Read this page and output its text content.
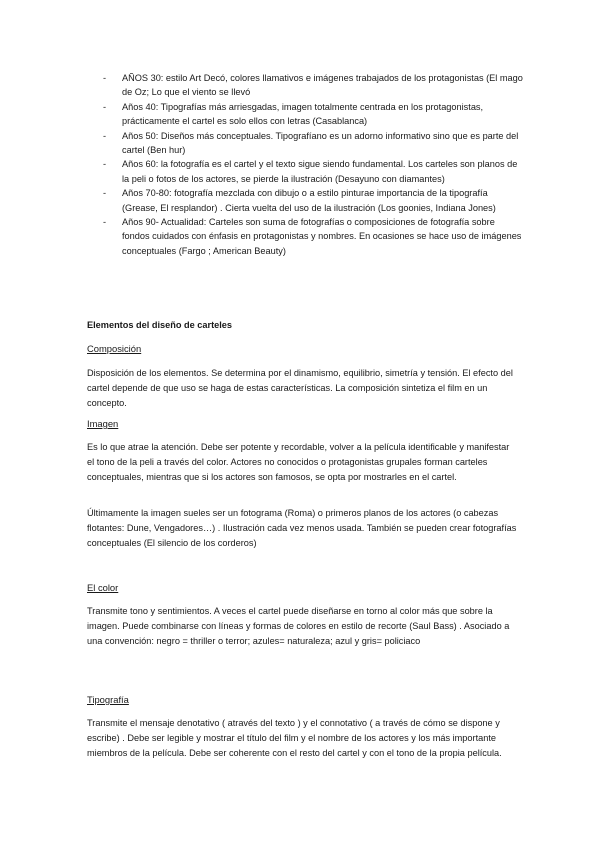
- AÑOS 30: estilo Art Decó, colores llamativos e imágenes trabajados de los protagonistas (El mago de Oz; Lo que el viento se llevó
- Años 40: Tipografías más arriesgadas, imagen totalmente centrada en los protagonistas, prácticamente el cartel es solo ellos con letras (Casablanca)
- Años 50: Diseños más conceptuales. Tipografíano es un adorno informativo sino que es parte del cartel (Ben hur)
- Años 60: la fotografía es el cartel y el texto sigue siendo fundamental. Los carteles son planos de la peli o fotos de los actores, se pierde la ilustración (Desayuno con diamantes)
- Años 70-80: fotografía mezclada con dibujo o a estilo pinturae importancia de la tipografía (Grease, El resplandor) . Cierta vuelta del uso de la ilustración (Los goonies, Indiana Jones)
- Años 90- Actualidad: Carteles son suma de fotografías o composiciones de fotografía sobre fondos cuidados con énfasis en protagonistas y nombres. En ocasiones se hace uso de imágenes conceptuales (Fargo ; American Beauty)
Elementos del diseño de carteles
Composición
Disposición de los elementos. Se determina por el dinamismo, equilibrio, simetría y tensión. El efecto del cartel depende de que uso se haga de estas características. La composición sintetiza el film en un concepto.
Imagen
Es lo que atrae la atención. Debe ser potente y recordable, volver a la película identificable y manifestar el tono de la peli a través del color. Actores no conocidos o protagonistas grupales forman carteles conceptuales, mientras que si los actores son famosos, se opta por mostrarles en el cartel.
Últimamente la imagen sueles ser un fotograma (Roma) o primeros planos de los actores (o cabezas flotantes: Dune, Vengadores…) . Ilustración cada vez menos usada. También se pueden crear fotografías conceptuales (El silencio de los corderos)
El color
Transmite tono y sentimientos. A veces el cartel puede diseñarse en torno al color más que sobre la imagen. Puede combinarse con líneas y formas de colores en estilo de recorte (Saul Bass) . Asociado a una convención: negro = thriller o terror; azules= naturaleza; azul y gris= policiaco
Tipografía
Transmite el mensaje denotativo ( através del texto ) y el connotativo ( a través de cómo se dispone y escribe) . Debe ser legible y mostrar el título del film y el nombre de los actores y los más importante miembros de la película. Debe ser coherente con el resto del cartel y con el tono de la propia película.
